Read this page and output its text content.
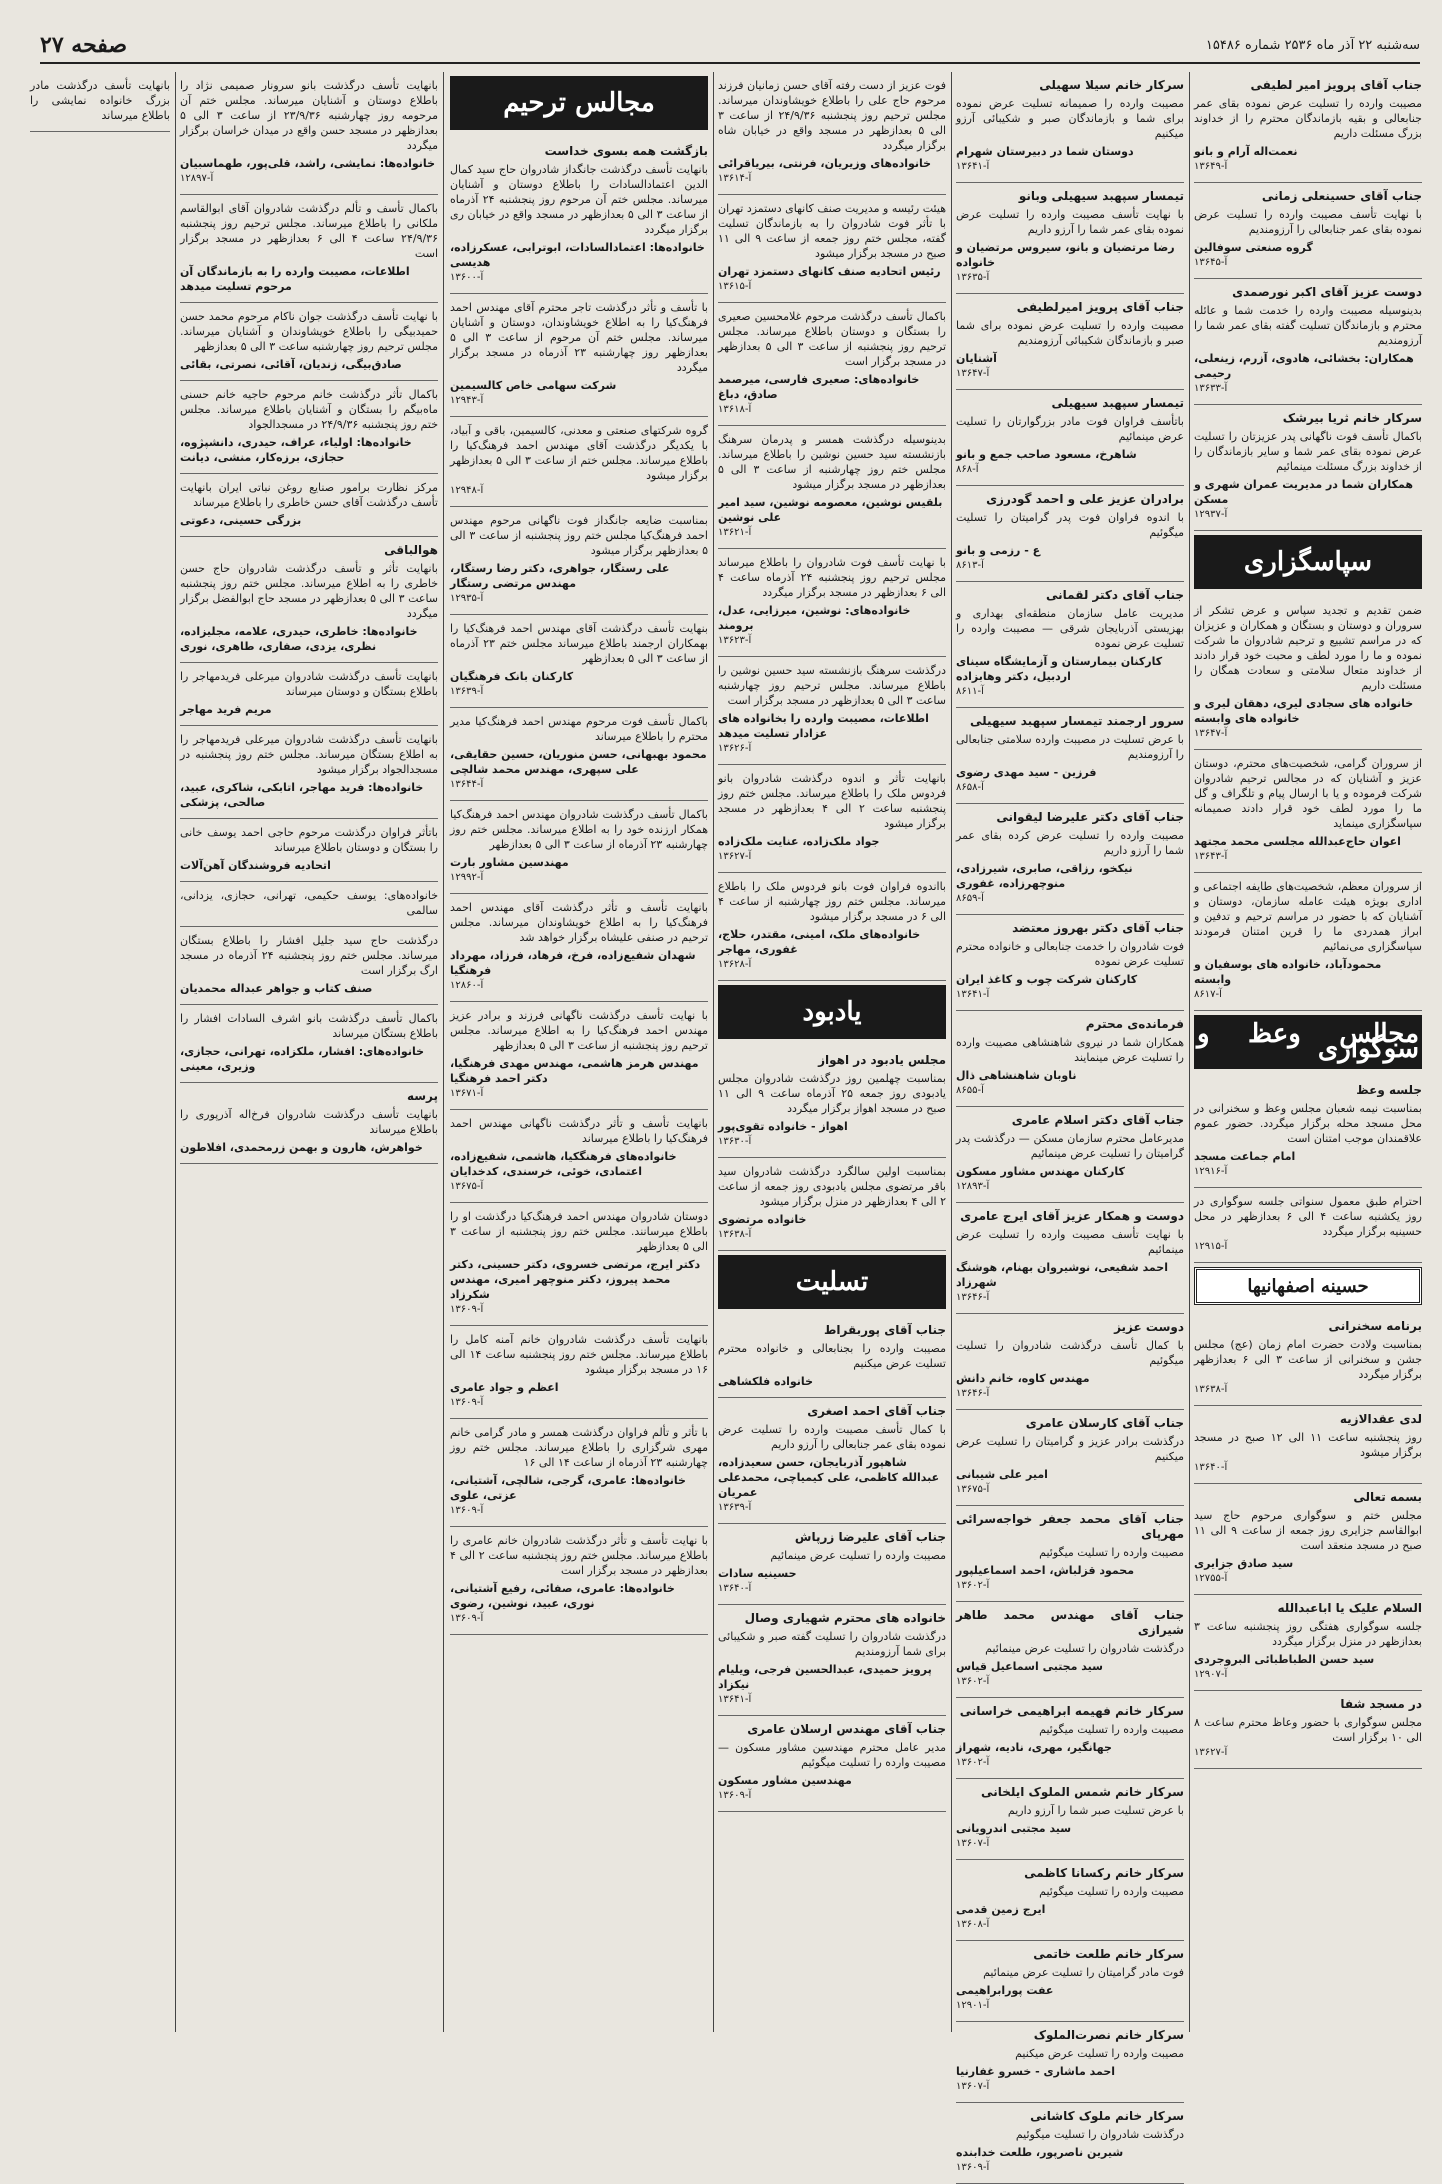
سه‌شنبه ۲۲ آذر ماه ۲۵۳۶ شماره ۱۵۴۸۶
صفحه ۲۷
جناب آقای پرویز امیر لطیفی
مصیبت وارده را تسلیت عرض نموده بقای عمر جنابعالی و بقیه بازماندگان محترم را از خداوند بزرگ مسئلت داریم
نعمت‌اله آرام و بانو
آ-۱۳۶۴۹
جناب آقای حسینعلی زمانی
با نهایت تأسف مصیبت وارده را تسلیت عرض نموده بقای عمر جنابعالی را آرزومندیم
گروه صنعتی سوفالین
آ-۱۳۶۴۵
دوست عزیز آقای اکبر نورصمدی
بدینوسیله مصیبت وارده را خدمت شما و عائله محترم و بازماندگان تسلیت گفته بقای عمر شما را آرزومندیم
همکاران: بخشائی، هادوی، آزرم، زینعلی، رحیمی
آ-۱۳۶۳۳
سرکار خانم ثریا بیرشک
باکمال تأسف فوت ناگهانی پدر عزیزتان را تسلیت عرض نموده بقای عمر شما و سایر بازماندگان را از خداوند بزرگ مسئلت مینمائیم
همکاران شما در مدیریت عمران شهری و مسکن
آ-۱۲۹۳۷
سپاسگزاری
ضمن تقدیم و تجدید سپاس و عرض تشکر از سروران و دوستان و بستگان و همکاران و عزیزان که در مراسم تشییع و ترحیم شادروان ما شرکت نموده و ما را مورد لطف و محبت خود قرار دادند از خداوند متعال سلامتی و سعادت همگان را مسئلت داریم
خانواده های سجادی لیری، دهقان لیری و خانواده های وابسته
آ-۱۳۶۴۷
از سروران گرامی، شخصیت‌های محترم، دوستان عزیز و آشنایان که در مجالس ترحیم شادروان شرکت فرموده و یا با ارسال پیام و تلگراف و گل ما را مورد لطف خود قرار دادند صمیمانه سپاسگزاری مینماید
اعوان حاج‌عبدالله مجلسی محمد مجتهد
آ-۱۳۶۴۳
از سروران معظم، شخصیت‌های طایفه اجتماعی و اداری بویژه هیئت عامله سازمان، دوستان و آشنایان که با حضور در مراسم ترحیم و تدفین و ابراز همدردی ما را قرین امتنان فرمودند سپاسگزاری می‌نمائیم
محمودآباد، خانواده های بوسفیان و وابسته
آ-۸۶۱۷
مجالس وعظ و سوگواری
جلسه وعظ
بمناسبت نیمه شعبان مجلس وعظ و سخنرانی در محل مسجد محله برگزار میگردد. حضور عموم علاقمندان موجب امتنان است
امام جماعت مسجد
آ-۱۲۹۱۶
احترام طبق معمول سنواتی جلسه سوگواری در روز یکشنبه ساعت ۴ الی ۶ بعدازظهر در محل حسینیه برگزار میگردد
آ-۱۲۹۱۵
حسینه اصفهانیها
برنامه سخنرانی
بمناسبت ولادت حضرت امام زمان (عج) مجلس جشن و سخنرانی از ساعت ۳ الی ۶ بعدازظهر برگزار میگردد
آ-۱۳۶۳۸
لدی عقدالازیه
روز پنجشنبه ساعت ۱۱ الی ۱۲ صبح در مسجد برگزار میشود
آ-۱۳۶۴۰
بسمه تعالی
مجلس ختم و سوگواری مرحوم حاج سید ابوالقاسم جزایری روز جمعه از ساعت ۹ الی ۱۱ صبح در مسجد منعقد است
سید صادق جزایری
آ-۱۲۷۵۵
السلام علیک یا اباعبدالله
جلسه سوگواری هفتگی روز پنجشنبه ساعت ۳ بعدازظهر در منزل برگزار میگردد
سید حسن الطباطبائی البروجردی
آ-۱۲۹۰۷
در مسجد شفا
مجلس سوگواری با حضور وعاظ محترم ساعت ۸ الی ۱۰ برگزار است
آ-۱۳۶۲۷
سرکار خانم سیلا سهیلی
مصیبت وارده را صمیمانه تسلیت عرض نموده برای شما و بازماندگان صبر و شکیبائی آرزو میکنیم
دوستان شما در دبیرستان شهرام
آ-۱۳۶۴۱
تیمسار سپهبد سیهیلی وبانو
با نهایت تأسف مصیبت وارده را تسلیت عرض نموده بقای عمر شما را آرزو داریم
رضا مرتضیان و بانو، سیروس مرتضیان و خانواده
آ-۱۳۶۳۵
جناب آقای پرویز امیرلطیفی
مصیبت وارده را تسلیت عرض نموده برای شما صبر و بازماندگان شکیبائی آرزومندیم
آشنایان
آ-۱۳۶۴۷
تیمسار سپهبد سیهیلی
باتأسف فراوان فوت مادر بزرگوارتان را تسلیت عرض مینمائیم
شاهرخ، مسعود صاحب جمع و بانو
آ-۸۶۸
برادران عزیز علی و احمد گودرزی
با اندوه فراوان فوت پدر گرامیتان را تسلیت میگوئیم
ع - رزمی و بانو
آ-۸۶۱۳
جناب آقای دکتر لقمانی
مدیریت عامل سازمان منطقه‌ای بهداری و بهزیستی آذربایجان شرقی — مصیبت وارده را تسلیت عرض نموده
کارکنان بیمارستان و آزمایشگاه سینای اردبیل، دکتر وهابزاده
آ-۸۶۱۱
سرور ارجمند تیمسار سپهبد سیهیلی
با عرض تسلیت در مصیبت وارده سلامتی جنابعالی را آرزومندیم
فرزین - سید مهدی رضوی
آ-۸۶۵۸
جناب آقای دکتر علیرضا لیقوانی
مصیبت وارده را تسلیت عرض کرده بقای عمر شما را آرزو داریم
نیکخو، رزاقی، صابری، شیرزادی، منوچهرزاده، غفوری
آ-۸۶۵۹
جناب آقای دکتر بهروز معتضد
فوت شادروان را خدمت جنابعالی و خانواده محترم تسلیت عرض نموده
کارکنان شرکت چوب و کاغذ ایران
آ-۱۳۶۴۱
فرمانده‌ی محترم
همکاران شما در نیروی شاهنشاهی مصیبت وارده را تسلیت عرض مینمایند
ناوبان شاهنشاهی ذال
آ-۸۶۵۵
جناب آقای دکتر اسلام عامری
مدیرعامل محترم سازمان مسکن — درگذشت پدر گرامیتان را تسلیت عرض مینمائیم
کارکنان مهندس مشاور مسکون
آ-۱۲۸۹۳
دوست و همکار عزیز آقای ایرج عامری
با نهایت تأسف مصیبت وارده را تسلیت عرض مینمائیم
احمد شفیعی، نوشیروان بهنام، هوشنگ شهرزاد
آ-۱۳۶۴۶
دوست عزیز
با کمال تأسف درگذشت شادروان را تسلیت میگوئیم
مهندس کاوه، خانم دانش
آ-۱۳۶۴۶
جناب آقای کارسلان عامری
درگذشت برادر عزیز و گرامیتان را تسلیت عرض میکنیم
امیر علی شیبانی
آ-۱۳۶۷۵
جناب آقای محمد جعفر خواجه‌سرائی مهرپای
مصیبت وارده را تسلیت میگوئیم
محمود قزلباش، احمد اسماعیلپور
آ-۱۳۶۰۲
جناب آقای مهندس محمد طاهر شیرازی
درگذشت شادروان را تسلیت عرض مینمائیم
سید مجتبی اسماعیل قیاس
آ-۱۳۶۰۲
سرکار خانم فهیمه ابراهیمی خراسانی
مصیبت وارده را تسلیت میگوئیم
جهانگیر، مهری، نادیه، شهراز
آ-۱۳۶۰۲
سرکار خانم شمس الملوک ایلخانی
با عرض تسلیت صبر شما را آرزو داریم
سید مجتبی اندرویانی
آ-۱۳۶۰۷
سرکار خانم رکسانا کاظمی
مصیبت وارده را تسلیت میگوئیم
ایرج زمین قدمی
آ-۱۳۶۰۸
سرکار خانم طلعت خاتمی
فوت مادر گرامیتان را تسلیت عرض مینمائیم
عفت پورابراهیمی
آ-۱۲۹۰۱
سرکار خانم نصرت‌الملوک
مصیبت وارده را تسلیت عرض میکنیم
احمد ماشاری - خسرو غفارنیا
آ-۱۳۶۰۷
سرکار خانم ملوک کاشانی
درگذشت شادروان را تسلیت میگوئیم
شیرین ناصرپور، طلعت خدابنده
آ-۱۳۶۰۹
فوت عزیز از دست رفته آقای حسن زمانیان فرزند مرحوم حاج علی را باطلاع خویشاوندان میرساند. مجلس ترحیم روز پنجشنبه ۲۴/۹/۳۶ از ساعت ۳ الی ۵ بعدازظهر در مسجد واقع در خیابان شاه برگزار میگردد
خانواده‌های وزیریان، فرنتی، بیریاقرائی
آ-۱۳۶۱۴
هیئت رئیسه و مدیریت صنف کانهای دستمزد تهران با تأثر فوت شادروان را به بازماندگان تسلیت گفته، مجلس ختم روز جمعه از ساعت ۹ الی ۱۱ صبح در مسجد برگزار میشود
رئیس اتحادیه صنف کانهای دستمزد تهران
آ-۱۳۶۱۵
باکمال تأسف درگذشت مرحوم غلامحسین صعیری را بستگان و دوستان باطلاع میرساند. مجلس ترحیم روز پنجشنبه از ساعت ۳ الی ۵ بعدازظهر در مسجد برگزار است
خانواده‌های: صعیری فارسی، میرصمد صادق، دباغ
آ-۱۳۶۱۸
بدینوسیله درگذشت همسر و پدرمان سرهنگ بازنشسته سید حسین نوشین را باطلاع میرساند. مجلس ختم روز چهارشنبه از ساعت ۳ الی ۵ بعدازظهر در مسجد برگزار میشود
بلقیس نوشین، معصومه نوشین، سید امیر علی نوشین
آ-۱۳۶۲۱
با نهایت تأسف فوت شادروان را باطلاع میرساند مجلس ترحیم روز پنجشنبه ۲۴ آذرماه ساعت ۴ الی ۶ بعدازظهر در مسجد برگزار میگردد
خانواده‌های: نوشین، میرزایی، عدل، برومند
آ-۱۳۶۲۳
درگذشت سرهنگ بازنشسته سید حسین نوشین را باطلاع میرساند. مجلس ترحیم روز چهارشنبه ساعت ۳ الی ۵ بعدازظهر در مسجد برگزار است
اطلاعات، مصیبت وارده را بخانواده های عزادار تسلیت میدهد
آ-۱۳۶۲۶
بانهایت تأثر و اندوه درگذشت شادروان بانو فردوس ملک را باطلاع میرساند. مجلس ختم روز پنجشنبه ساعت ۲ الی ۴ بعدازظهر در مسجد برگزار میشود
جواد ملک‌زاده، عنایت ملک‌زاده
آ-۱۳۶۲۷
بااندوه فراوان فوت بانو فردوس ملک را باطلاع میرساند. مجلس ختم روز چهارشنبه از ساعت ۴ الی ۶ در مسجد برگزار میشود
خانواده‌های ملک، امینی، مقتدر، حلاج، غفوری، مهاجر
آ-۱۳۶۲۸
یادبود
مجلس یادبود در اهواز
بمناسبت چهلمین روز درگذشت شادروان مجلس یادبودی روز جمعه ۲۵ آذرماه ساعت ۹ الی ۱۱ صبح در مسجد اهواز برگزار میگردد
اهواز - خانواده تقوی‌پور
آ-۱۳۶۳۰
بمناسبت اولین سالگرد درگذشت شادروان سید باقر مرتضوی مجلس یادبودی روز جمعه از ساعت ۲ الی ۴ بعدازظهر در منزل برگزار میشود
خانواده مرتضوی
آ-۱۳۶۳۸
تسلیت
جناب آقای پوربقراط
مصیبت وارده را بجنابعالی و خانواده محترم تسلیت عرض میکنیم
خانواده فلکشاهی
جناب آقای احمد اصغری
با کمال تأسف مصیبت وارده را تسلیت عرض نموده بقای عمر جنابعالی را آرزو داریم
شاهپور آذربایجان، حسن سعیدزاده، عبدالله کاظمی، علی کیمیاچی، محمدعلی عمریان
آ-۱۳۶۳۹
جناب آقای علیرضا زرپاش
مصیبت وارده را تسلیت عرض مینمائیم
حسینیه سادات
آ-۱۳۶۴۰
خانواده های محترم شهیاری وصال
درگذشت شادروان را تسلیت گفته صبر و شکیبائی برای شما آرزومندیم
پرویز حمیدی، عبدالحسین فرجی، ویلیام نیکزاد
آ-۱۳۶۴۱
جناب آقای مهندس ارسلان عامری
مدیر عامل محترم مهندسین مشاور مسکون — مصیبت وارده را تسلیت میگوئیم
مهندسین مشاور مسکون
آ-۱۳۶۰۹
مجالس ترحیم
بازگشت همه بسوی خداست
بانهایت تأسف درگذشت جانگداز شادروان حاج سید کمال الدین اعتمادالسادات را باطلاع دوستان و آشنایان میرساند. مجلس ختم آن مرحوم روز پنجشنبه ۲۴ آذرماه از ساعت ۳ الی ۵ بعدازظهر در مسجد واقع در خیابان ری برگزار میگردد
خانواده‌ها: اعتمادالسادات، ابوترابی، عسکرزاده، هدیسی
آ-۱۳۶۰۰
با تأسف و تأثر درگذشت تاجر محترم آقای مهندس احمد فرهنگ‌کیا را به اطلاع خویشاوندان، دوستان و آشنایان میرساند. مجلس ختم آن مرحوم از ساعت ۳ الی ۵ بعدازظهر روز چهارشنبه ۲۳ آذرماه در مسجد برگزار میگردد
شرکت سهامی خاص کالسیمین
آ-۱۲۹۴۳
گروه شرکتهای صنعتی و معدنی، کالسیمین، باقی و آبیاد، با یکدیگر درگذشت آقای مهندس احمد فرهنگ‌کیا را باطلاع میرساند. مجلس ختم از ساعت ۳ الی ۵ بعدازظهر برگزار میشود
آ-۱۲۹۴۸
بمناسبت ضایعه جانگداز فوت ناگهانی مرحوم مهندس احمد فرهنگ‌کیا مجلس ختم روز پنجشنبه از ساعت ۳ الی ۵ بعدازظهر برگزار میشود
علی رستگار، جواهری، دکتر رضا رستگار، مهندس مرتضی رستگار
آ-۱۲۹۳۵
بنهایت تأسف درگذشت آقای مهندس احمد فرهنگ‌کیا را بهمکاران ارجمند باطلاع میرساند مجلس ختم ۲۳ آذرماه از ساعت ۳ الی ۵ بعدازظهر
کارکنان بانک فرهنگیان
آ-۱۳۶۳۹
باکمال تأسف فوت مرحوم مهندس احمد فرهنگ‌کیا مدیر محترم را باطلاع میرساند
محمود بهبهانی، حسن منوریان، حسین حقایقی، علی سپهری، مهندس محمد شالچی
آ-۱۳۶۴۴
باکمال تأسف درگذشت شادروان مهندس احمد فرهنگ‌کیا همکار ارزنده خود را به اطلاع میرساند. مجلس ختم روز چهارشنبه ۲۳ آذرماه از ساعت ۳ الی ۵ بعدازظهر
مهندسین مشاور بارت
آ-۱۲۹۹۲
بانهایت تأسف و تأثر درگذشت آقای مهندس احمد فرهنگ‌کیا را به اطلاع خویشاوندان میرساند. مجلس ترحیم در صنفی علیشاه برگزار خواهد شد
شهدان شفیع‌زاده، فرخ، فرهاد، فرزاد، مهرداد فرهنگیا
آ-۱۲۸۶۰
با نهایت تأسف درگذشت ناگهانی فرزند و برادر عزیز مهندس احمد فرهنگ‌کیا را به اطلاع میرساند. مجلس ترحیم روز پنجشنبه از ساعت ۳ الی ۵ بعدازظهر
مهندس هرمز هاشمی، مهندس مهدی فرهنگیا، دکتر احمد فرهنگیا
آ-۱۳۶۷۱
بانهایت تأسف و تأثر درگذشت ناگهانی مهندس احمد فرهنگ‌کیا را باطلاع میرساند
خانواده‌های فرهنگکیا، هاشمی، شفیع‌زاده، اعتمادی، خوئی، خرسندی، کدخدایان
آ-۱۳۶۷۵
دوستان شادروان مهندس احمد فرهنگ‌کیا درگذشت او را باطلاع میرسانند. مجلس ختم روز پنجشنبه از ساعت ۳ الی ۵ بعدازظهر
دکتر ایرج، مرتضی خسروی، دکتر حسینی، دکتر محمد پیروز، دکتر منوچهر امیری، مهندس شکرزاد
آ-۱۳۶۰۹
بانهایت تأسف درگذشت شادروان خانم آمنه کامل را باطلاع میرساند. مجلس ختم روز پنجشنبه ساعت ۱۴ الی ۱۶ در مسجد برگزار میشود
اعظم و جواد عامری
آ-۱۳۶۰۹
با تأثر و تألم فراوان درگذشت همسر و مادر گرامی خانم مهری شرگزاری را باطلاع میرساند. مجلس ختم روز چهارشنبه ۲۳ آذرماه از ساعت ۱۴ الی ۱۶
خانواده‌ها: عامری، گرجی، شالچی، آشتیانی، عزتی، علوی
آ-۱۳۶۰۹
با نهایت تأسف و تأثر درگذشت شادروان خانم عامری را باطلاع میرساند. مجلس ختم روز پنجشنبه ساعت ۲ الی ۴ بعدازظهر در مسجد برگزار است
خانواده‌ها: عامری، صفائی، رفیع آشتیانی، نوری، عبید، نوشین، رضوی
آ-۱۳۶۰۹
بانهایت تأسف درگذشت بانو سرونار صمیمی نژاد را باطلاع دوستان و آشنایان میرساند. مجلس ختم آن مرحومه روز چهارشنبه ۲۳/۹/۳۶ از ساعت ۳ الی ۵ بعدازظهر در مسجد حسن واقع در میدان خراسان برگزار میگردد
خانواده‌ها: نمایشی، راشد، قلی‌پور، طهماسبیان
آ-۱۲۸۹۷
باکمال تأسف و تألم درگذشت شادروان آقای ابوالقاسم ملکانی را باطلاع میرساند. مجلس ترحیم روز پنجشنبه ۲۴/۹/۳۶ ساعت ۴ الی ۶ بعدازظهر در مسجد برگزار است
اطلاعات، مصیبت وارده را به بازماندگان آن مرحوم تسلیت میدهد
با نهایت تأسف درگذشت جوان ناکام مرحوم محمد حسن حمیدبیگی را باطلاع خویشاوندان و آشنایان میرساند. مجلس ترحیم روز چهارشنبه ساعت ۳ الی ۵ بعدازظهر
صادق‌بیگی، زندیان، آقائی، نصرتی، بقائی
باکمال تأثر درگذشت خانم مرحوم حاجیه خانم حسنی ماه‌بیگم را بستگان و آشنایان باطلاع میرساند. مجلس ختم روز پنجشنبه ۲۴/۹/۳۶ در مسجدالجواد
خانواده‌ها: اولیاء، عراف، حیدری، دانشپژوه، حجازی، برزه‌کار، منشی، دیانت
مرکز نظارت برامور صنایع روغن نباتی ایران بانهایت تأسف درگذشت آقای حسن خاطری را باطلاع میرساند
بزرگی حسینی، دعوتی
هوالباقی
بانهایت تأثر و تأسف درگذشت شادروان حاج حسن خاطری را به اطلاع میرساند. مجلس ختم روز پنجشنبه ساعت ۳ الی ۵ بعدازظهر در مسجد حاج ابوالفضل برگزار میگردد
خانواده‌ها: خاطری، حیدری، علامه، مجلیزاده، نظری، یزدی، صفاری، طاهری، نوری
بانهایت تأسف درگذشت شادروان میرعلی فریدمهاجر را باطلاع بستگان و دوستان میرساند
مریم فرید مهاجر
بانهایت تأسف درگذشت شادروان میرعلی فریدمهاجر را به اطلاع بستگان میرساند. مجلس ختم روز پنجشنبه در مسجدالجواد برگزار میشود
خانواده‌ها: فرید مهاجر، اتابکی، شاکری، عبید، صالحی، پزشکی
باتأثر فراوان درگذشت مرحوم حاجی احمد یوسف خانی را بستگان و دوستان باطلاع میرساند
اتحادیه فروشندگان آهن‌آلات
خانواده‌های: یوسف حکیمی، تهرانی، حجازی، یزدانی، سالمی
درگذشت حاج سید جلیل افشار را باطلاع بستگان میرساند. مجلس ختم روز پنجشنبه ۲۴ آذرماه در مسجد ارگ برگزار است
صنف کتاب و جواهر عبداله محمدیان
باکمال تأسف درگذشت بانو اشرف السادات افشار را باطلاع بستگان میرساند
خانواده‌های: افشار، ملکزاده، تهرانی، حجازی، وزیری، معینی
پرسه
بانهایت تأسف درگذشت شادروان فرخ‌اله آذرپوری را باطلاع میرساند
خواهرش، هارون و بهمن زرمحمدی، افلاطون
بانهایت تأسف درگذشت مادر بزرگ خانواده نمایشی را باطلاع میرساند
